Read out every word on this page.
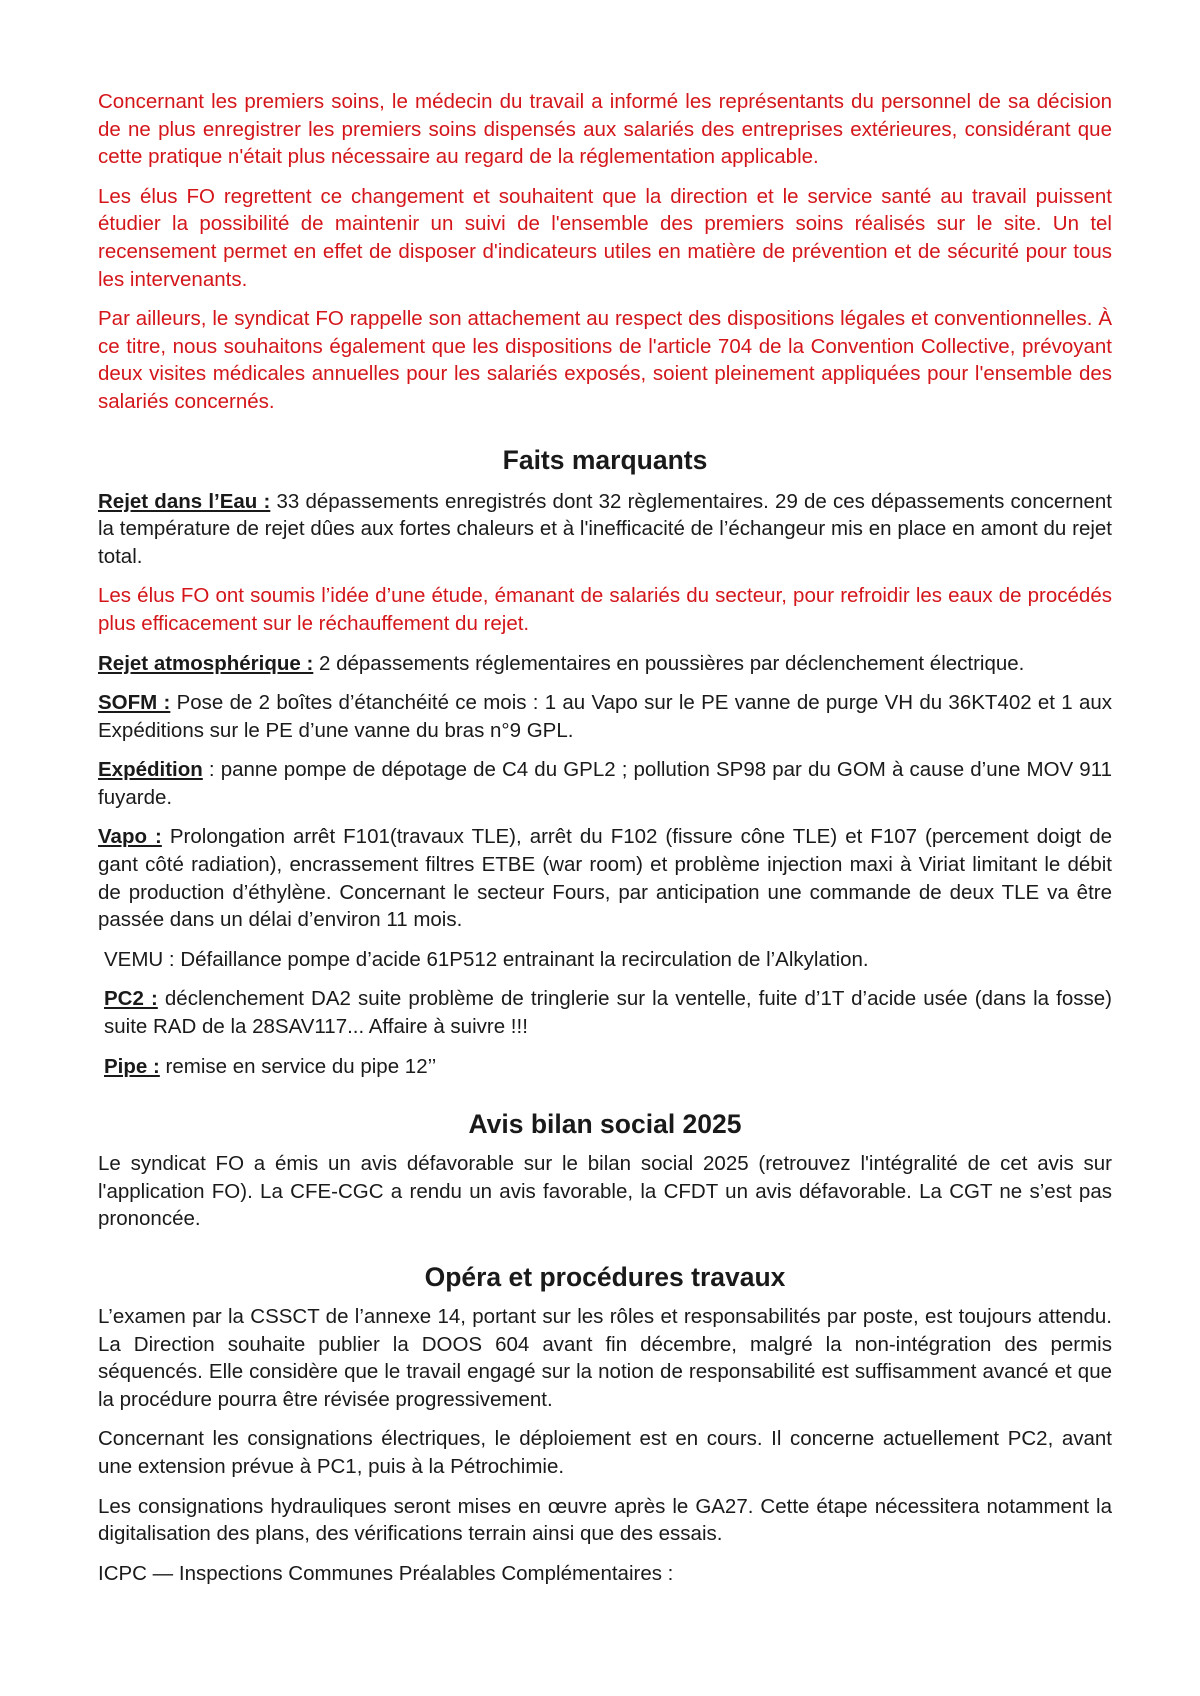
Concernant les premiers soins, le médecin du travail a informé les représentants du personnel de sa décision de ne plus enregistrer les premiers soins dispensés aux salariés des entreprises extérieures, considérant que cette pratique n'était plus nécessaire au regard de la réglementation applicable.

Les élus FO regrettent ce changement et souhaitent que la direction et le service santé au travail puissent étudier la possibilité de maintenir un suivi de l'ensemble des premiers soins réalisés sur le site. Un tel recensement permet en effet de disposer d'indicateurs utiles en matière de prévention et de sécurité pour tous les intervenants.

Par ailleurs, le syndicat FO rappelle son attachement au respect des dispositions légales et conventionnelles. À ce titre, nous souhaitons également que les dispositions de l'article 704 de la Convention Collective, prévoyant deux visites médicales annuelles pour les salariés exposés, soient pleinement appliquées pour l'ensemble des salariés concernés.

Faits marquants

Rejet dans l’Eau : 33 dépassements enregistrés dont 32 règlementaires. 29 de ces dépassements concernent la température de rejet dûes aux fortes chaleurs et à l'inefficacité de l’échangeur mis en place en amont du rejet total.

Les élus FO ont soumis l’idée d’une étude, émanant de salariés du secteur, pour refroidir les eaux de procédés plus efficacement sur le réchauffement du rejet.

Rejet atmosphérique : 2 dépassements réglementaires en poussières par déclenchement électrique.

SOFM : Pose de 2 boîtes d’étanchéité ce mois : 1 au Vapo sur le PE vanne de purge VH du 36KT402 et 1 aux Expéditions sur le PE d’une vanne du bras n°9 GPL.

Expédition : panne pompe de dépotage de C4 du GPL2 ; pollution SP98 par du GOM à cause d’une MOV 911 fuyarde.

Vapo : Prolongation arrêt F101(travaux TLE), arrêt du F102 (fissure cône TLE) et F107 (percement doigt de gant côté radiation), encrassement filtres ETBE (war room) et problème injection maxi à Viriat limitant le débit de production d’éthylène. Concernant le secteur Fours, par anticipation une commande de deux TLE va être passée dans un délai d’environ 11 mois.

VEMU : Défaillance pompe d’acide 61P512 entrainant la recirculation de l’Alkylation.

PC2 : déclenchement DA2 suite problème de tringlerie sur la ventelle, fuite d’1T d’acide usée (dans la fosse) suite RAD de la 28SAV117... Affaire à suivre !!!

Pipe : remise en service du pipe 12’’

Avis bilan social 2025

Le syndicat FO a émis un avis défavorable sur le bilan social 2025 (retrouvez l'intégralité de cet avis sur l'application FO). La CFE-CGC a rendu un avis favorable, la CFDT un avis défavorable. La CGT ne s’est pas prononcée.

Opéra et procédures travaux

L’examen par la CSSCT de l’annexe 14, portant sur les rôles et responsabilités par poste, est toujours attendu. La Direction souhaite publier la DOOS 604 avant fin décembre, malgré la non-intégration des permis séquencés. Elle considère que le travail engagé sur la notion de responsabilité est suffisamment avancé et que la procédure pourra être révisée progressivement.

Concernant les consignations électriques, le déploiement est en cours. Il concerne actuellement PC2, avant une extension prévue à PC1, puis à la Pétrochimie.

Les consignations hydrauliques seront mises en œuvre après le GA27. Cette étape nécessitera notamment la digitalisation des plans, des vérifications terrain ainsi que des essais.

ICPC — Inspections Communes Préalables Complémentaires :
